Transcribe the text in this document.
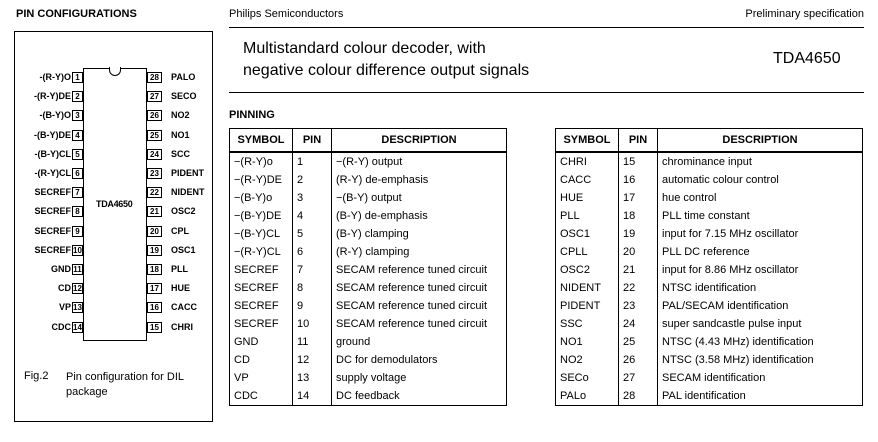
PIN CONFIGURATIONS	Philips Semiconductors	Preliminary specification
Multistandard colour decoder, with
negative colour difference output signals
TDA4650
PINNING
TDA4650
-(R-Y)O 1
-(R-Y)DE 2
-(B-Y)O 3
-(B-Y)DE 4
-(B-Y)CL 5
-(R-Y)CL 6
SECREF 7
SECREF 8
SECREF 9
SECREF 10
GND 11
CD 12
VP 13
CDC 14
28	PALO
27	SECO
26	NO2
25	NO1
24	SCC
23	PIDENT
22	NIDENT
21	OSC2
20	CPL
19	OSC1
18	PLL
17	HUE
16	CACC
15	CHRI
Fig.2 Pin configuration for DIL package
SYMBOL	PIN	DESCRIPTION
−(R-Y)o	1	−(R-Y) output
−(R-Y)DE	2	(R-Y) de-emphasis
−(B-Y)o	3	−(B-Y) output
−(B-Y)DE	4	(B-Y) de-emphasis
−(B-Y)CL	5	(B-Y) clamping
−(R-Y)CL	6	(R-Y) clamping
SECREF	7	SECAM reference tuned circuit
SECREF	8	SECAM reference tuned circuit
SECREF	9	SECAM reference tuned circuit
SECREF	10	SECAM reference tuned circuit
GND	11	ground
CD	12	DC for demodulators
VP	13	supply voltage
CDC	14	DC feedback
SYMBOL	PIN	DESCRIPTION
CHRI	15	chrominance input
CACC	16	automatic colour control
HUE	17	hue control
PLL	18	PLL time constant
OSC1	19	input for 7.15 MHz oscillator
CPLL	20	PLL DC reference
OSC2	21	input for 8.86 MHz oscillator
NIDENT	22	NTSC identification
PIDENT	23	PAL/SECAM identification
SSC	24	super sandcastle pulse input
NO1	25	NTSC (4.43 MHz) identification
NO2	26	NTSC (3.58 MHz) identification
SECo	27	SECAM identification
PALo	28	PAL identification
